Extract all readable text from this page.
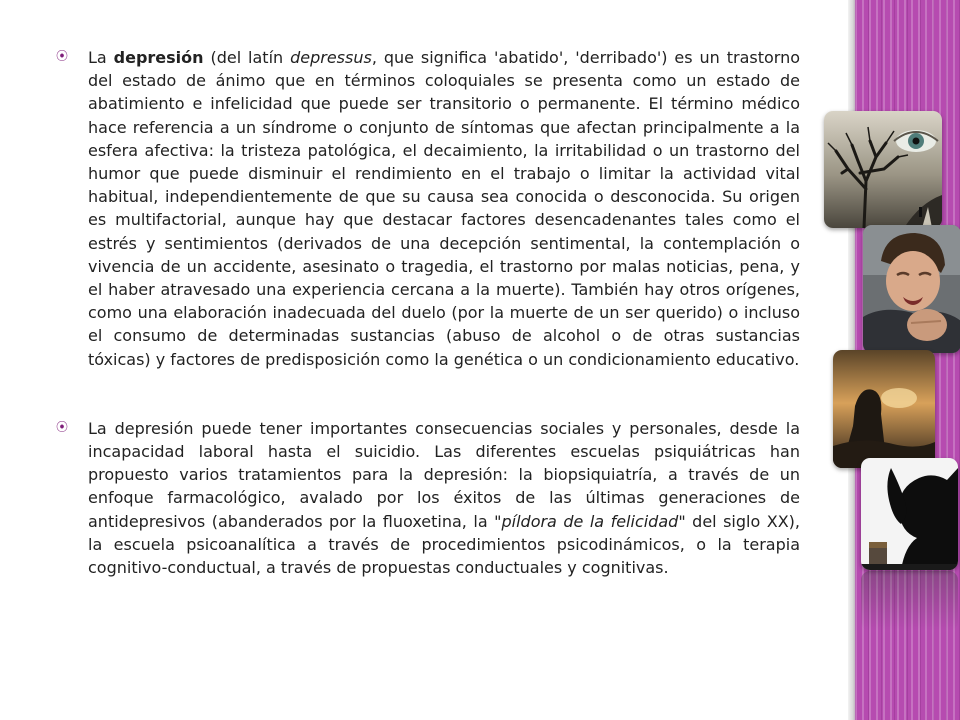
⦿ La depresión (del latín depressus, que significa 'abatido', 'derribado') es un trastorno del estado de ánimo que en términos coloquiales se presenta como un estado de abatimiento e infelicidad que puede ser transitorio o permanente. El término médico hace referencia a un síndrome o conjunto de síntomas que afectan principalmente a la esfera afectiva: la tristeza patológica, el decaimiento, la irritabilidad o un trastorno del humor que puede disminuir el rendimiento en el trabajo o limitar la actividad vital habitual, independientemente de que su causa sea conocida o desconocida. Su origen es multifactorial, aunque hay que destacar factores desencadenantes tales como el estrés y sentimientos (derivados de una decepción sentimental, la contemplación o vivencia de un accidente, asesinato o tragedia, el trastorno por malas noticias, pena, y el haber atravesado una experiencia cercana a la muerte). También hay otros orígenes, como una elaboración inadecuada del duelo (por la muerte de un ser querido) o incluso el consumo de determinadas sustancias (abuso de alcohol o de otras sustancias tóxicas) y factores de predisposición como la genética o un condicionamiento educativo.

⦿ La depresión puede tener importantes consecuencias sociales y personales, desde la incapacidad laboral hasta el suicidio. Las diferentes escuelas psiquiátricas han propuesto varios tratamientos para la depresión: la biopsiquiatría, a través de un enfoque farmacológico, avalado por los éxitos de las últimas generaciones de antidepresivos (abanderados por la fluoxetina, la "píldora de la felicidad" del siglo XX), la escuela psicoanalítica a través de procedimientos psicodinámicos, o la terapia cognitivo-conductual, a través de propuestas conductuales y cognitivas.
